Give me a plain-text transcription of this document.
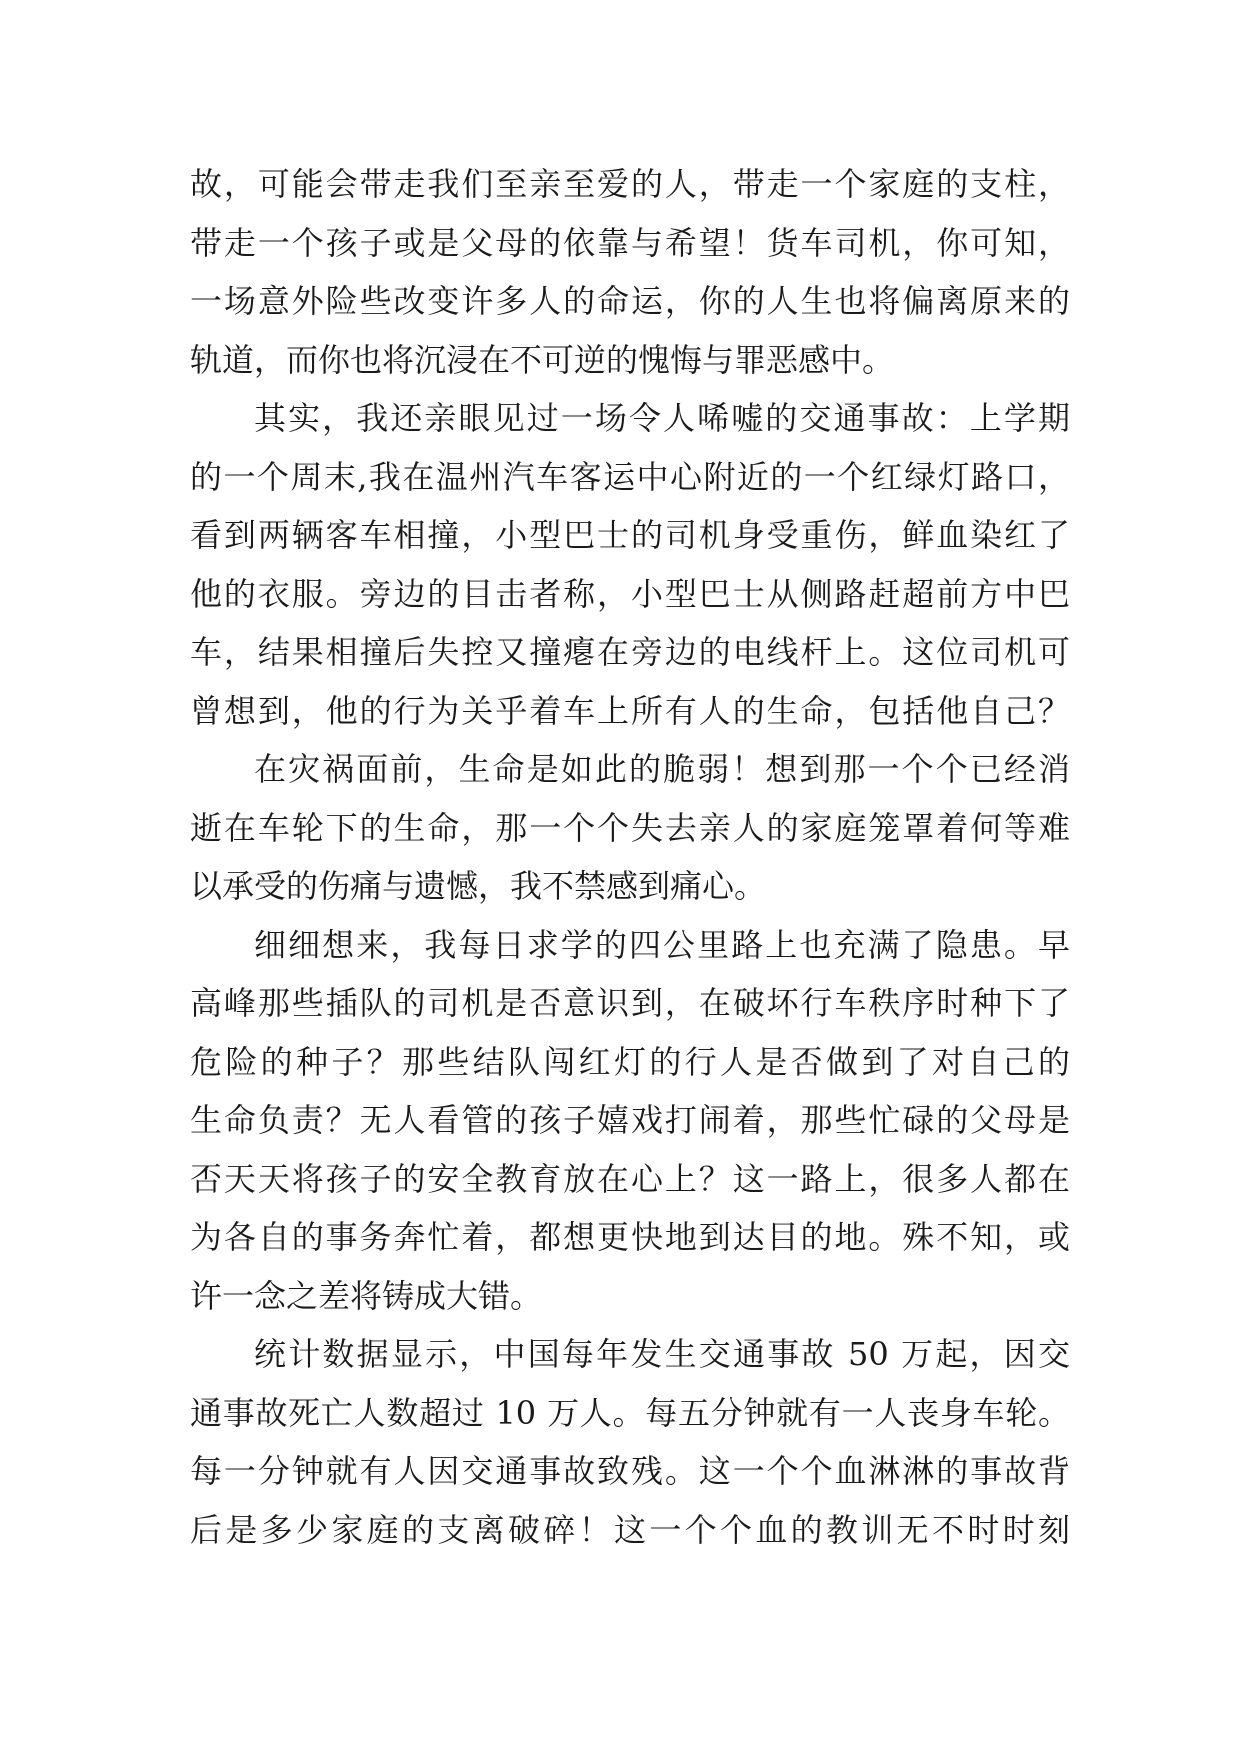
故，可能会带走我们至亲至爱的人，带走一个家庭的支柱，
带走一个孩子或是父母的依靠与希望！货车司机，你可知，
一场意外险些改变许多人的命运，你的人生也将偏离原来的
轨道，而你也将沉浸在不可逆的愧悔与罪恶感中。
其实，我还亲眼见过一场令人唏嘘的交通事故：上学期
的一个周末,我在温州汽车客运中心附近的一个红绿灯路口，
看到两辆客车相撞，小型巴士的司机身受重伤，鲜血染红了
他的衣服。旁边的目击者称，小型巴士从侧路赶超前方中巴
车，结果相撞后失控又撞瘪在旁边的电线杆上。这位司机可
曾想到，他的行为关乎着车上所有人的生命，包括他自己？
在灾祸面前，生命是如此的脆弱！想到那一个个已经消
逝在车轮下的生命，那一个个失去亲人的家庭笼罩着何等难
以承受的伤痛与遗憾，我不禁感到痛心。
细细想来，我每日求学的四公里路上也充满了隐患。早
高峰那些插队的司机是否意识到，在破坏行车秩序时种下了
危险的种子？那些结队闯红灯的行人是否做到了对自己的
生命负责？无人看管的孩子嬉戏打闹着，那些忙碌的父母是
否天天将孩子的安全教育放在心上？这一路上，很多人都在
为各自的事务奔忙着，都想更快地到达目的地。殊不知，或
许一念之差将铸成大错。
统计数据显示，中国每年发生交通事故 50 万起，因交
通事故死亡人数超过 10 万人。每五分钟就有一人丧身车轮。
每一分钟就有人因交通事故致残。这一个个血淋淋的事故背
后是多少家庭的支离破碎！这一个个血的教训无不时时刻
